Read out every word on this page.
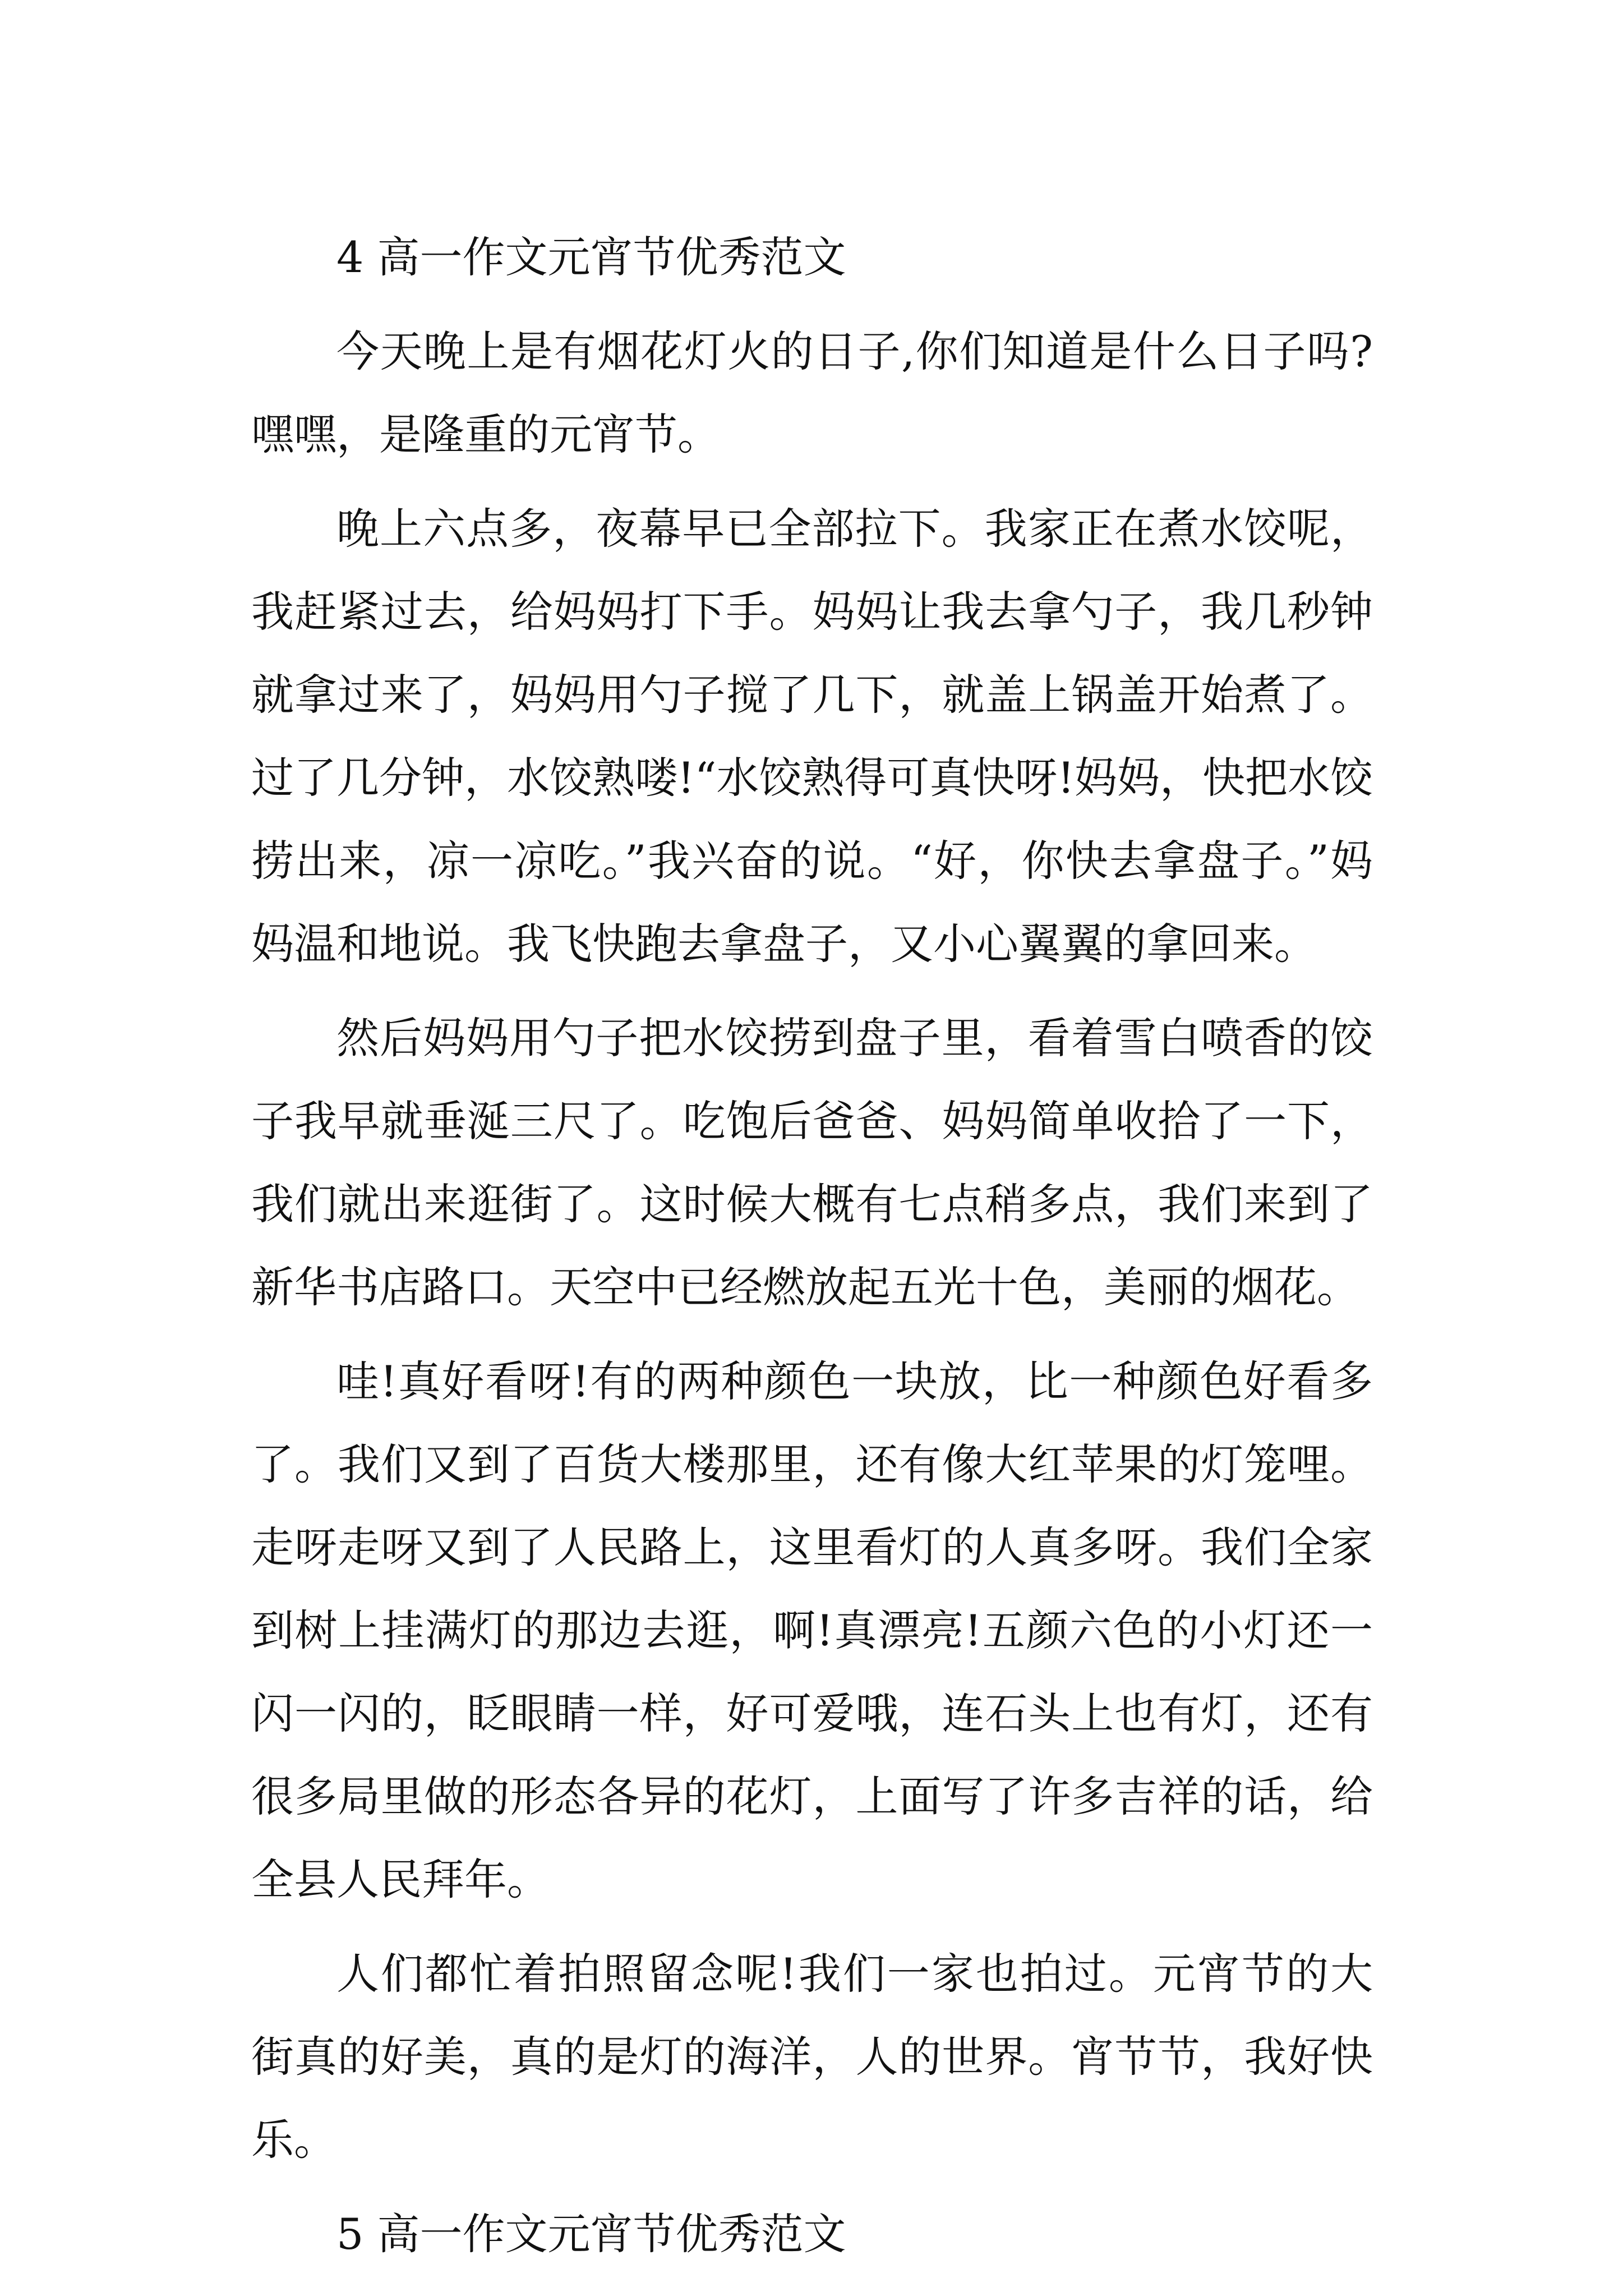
4 高一作文元宵节优秀范文

今天晚上是有烟花灯火的日子,你们知道是什么日子吗?嘿嘿，是隆重的元宵节。

晚上六点多，夜幕早已全部拉下。我家正在煮水饺呢，我赶紧过去，给妈妈打下手。妈妈让我去拿勺子，我几秒钟就拿过来了，妈妈用勺子搅了几下，就盖上锅盖开始煮了。过了几分钟，水饺熟喽!“水饺熟得可真快呀!妈妈，快把水饺捞出来，凉一凉吃。”我兴奋的说。“好，你快去拿盘子。”妈妈温和地说。我飞快跑去拿盘子，又小心翼翼的拿回来。

然后妈妈用勺子把水饺捞到盘子里，看着雪白喷香的饺子我早就垂涎三尺了。吃饱后爸爸、妈妈简单收拾了一下，我们就出来逛街了。这时候大概有七点稍多点，我们来到了新华书店路口。天空中已经燃放起五光十色，美丽的烟花。

哇!真好看呀!有的两种颜色一块放，比一种颜色好看多了。我们又到了百货大楼那里，还有像大红苹果的灯笼哩。走呀走呀又到了人民路上，这里看灯的人真多呀。我们全家到树上挂满灯的那边去逛，啊!真漂亮!五颜六色的小灯还一闪一闪的，眨眼睛一样，好可爱哦，连石头上也有灯，还有很多局里做的形态各异的花灯，上面写了许多吉祥的话，给全县人民拜年。

人们都忙着拍照留念呢!我们一家也拍过。元宵节的大街真的好美，真的是灯的海洋，人的世界。宵节节，我好快乐。

5 高一作文元宵节优秀范文
